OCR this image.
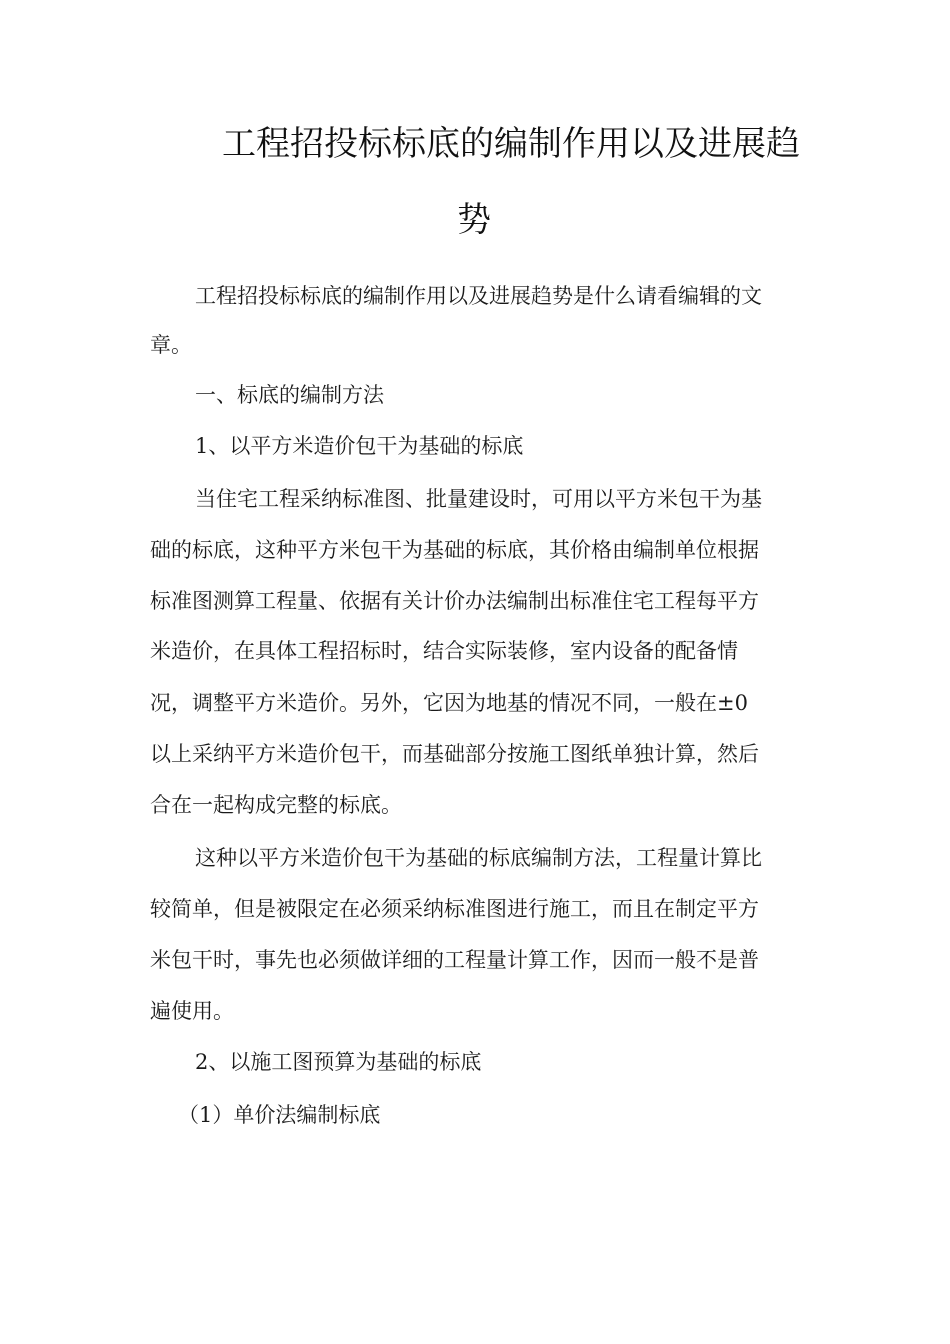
工程招投标标底的编制作用以及进展趋
势
工程招投标标底的编制作用以及进展趋势是什么请看编辑的文
章。
一、标底的编制方法
1、以平方米造价包干为基础的标底
当住宅工程采纳标准图、批量建设时，可用以平方米包干为基
础的标底，这种平方米包干为基础的标底，其价格由编制单位根据
标准图测算工程量、依据有关计价办法编制出标准住宅工程每平方
米造价，在具体工程招标时，结合实际装修，室内设备的配备情
况，调整平方米造价。另外，它因为地基的情况不同，一般在±0
以上采纳平方米造价包干，而基础部分按施工图纸单独计算，然后
合在一起构成完整的标底。
这种以平方米造价包干为基础的标底编制方法，工程量计算比
较简单，但是被限定在必须采纳标准图进行施工，而且在制定平方
米包干时，事先也必须做详细的工程量计算工作，因而一般不是普
遍使用。
2、以施工图预算为基础的标底
（1）单价法编制标底
